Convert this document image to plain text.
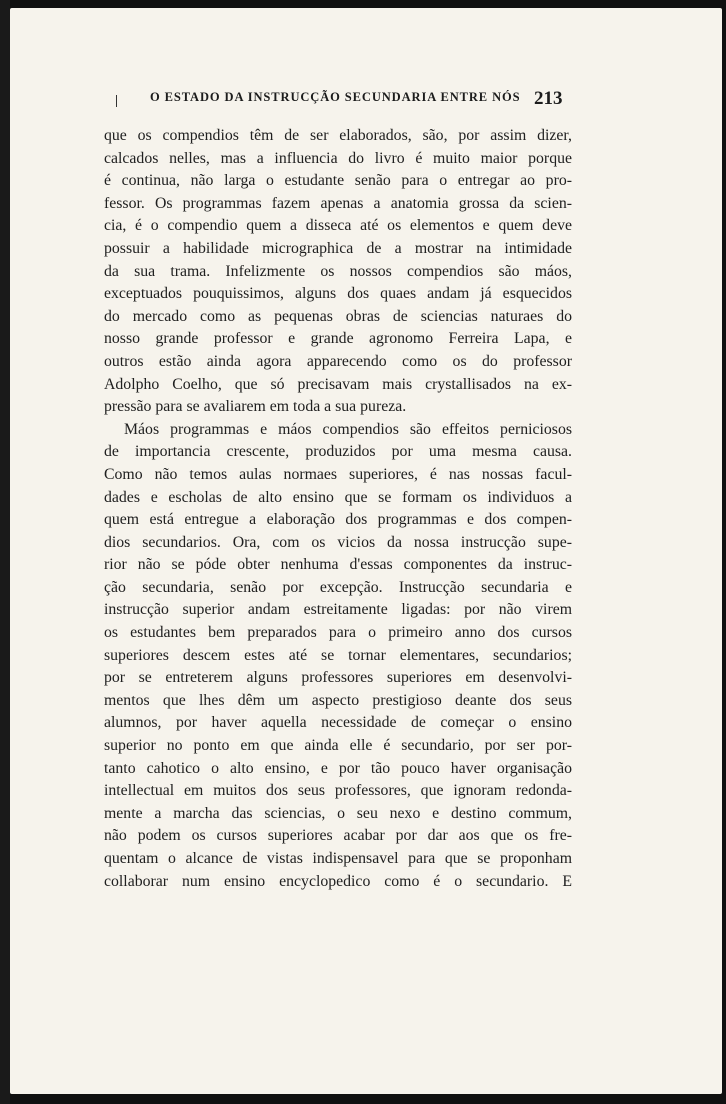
O ESTADO DA INSTRUCÇÃO SECUNDARIA ENTRE NÓS 213
que os compendios têm de ser elaborados, são, por assim dizer,
calcados nelles, mas a influencia do livro é muito maior porque
é continua, não larga o estudante senão para o entregar ao pro-
fessor. Os programmas fazem apenas a anatomia grossa da scien-
cia, é o compendio quem a disseca até os elementos e quem deve
possuir a habilidade micrographica de a mostrar na intimidade
da sua trama. Infelizmente os nossos compendios são máos,
exceptuados pouquissimos, alguns dos quaes andam já esquecidos
do mercado como as pequenas obras de sciencias naturaes do
nosso grande professor e grande agronomo Ferreira Lapa, e
outros estão ainda agora apparecendo como os do professor
Adolpho Coelho, que só precisavam mais crystallisados na ex-
pressão para se avaliarem em toda a sua pureza.
Máos programmas e máos compendios são effeitos perniciosos
de importancia crescente, produzidos por uma mesma causa.
Como não temos aulas normaes superiores, é nas nossas facul-
dades e escholas de alto ensino que se formam os individuos a
quem está entregue a elaboração dos programmas e dos compen-
dios secundarios. Ora, com os vicios da nossa instrucção supe-
rior não se póde obter nenhuma d'essas componentes da instruc-
ção secundaria, senão por excepção. Instrucção secundaria e
instrucção superior andam estreitamente ligadas: por não virem
os estudantes bem preparados para o primeiro anno dos cursos
superiores descem estes até se tornar elementares, secundarios;
por se entreterem alguns professores superiores em desenvolvi-
mentos que lhes dêm um aspecto prestigioso deante dos seus
alumnos, por haver aquella necessidade de começar o ensino
superior no ponto em que ainda elle é secundario, por ser por-
tanto cahotico o alto ensino, e por tão pouco haver organisação
intellectual em muitos dos seus professores, que ignoram redonda-
mente a marcha das sciencias, o seu nexo e destino commum,
não podem os cursos superiores acabar por dar aos que os fre-
quentam o alcance de vistas indispensavel para que se proponham
collaborar num ensino encyclopedico como é o secundario. E
